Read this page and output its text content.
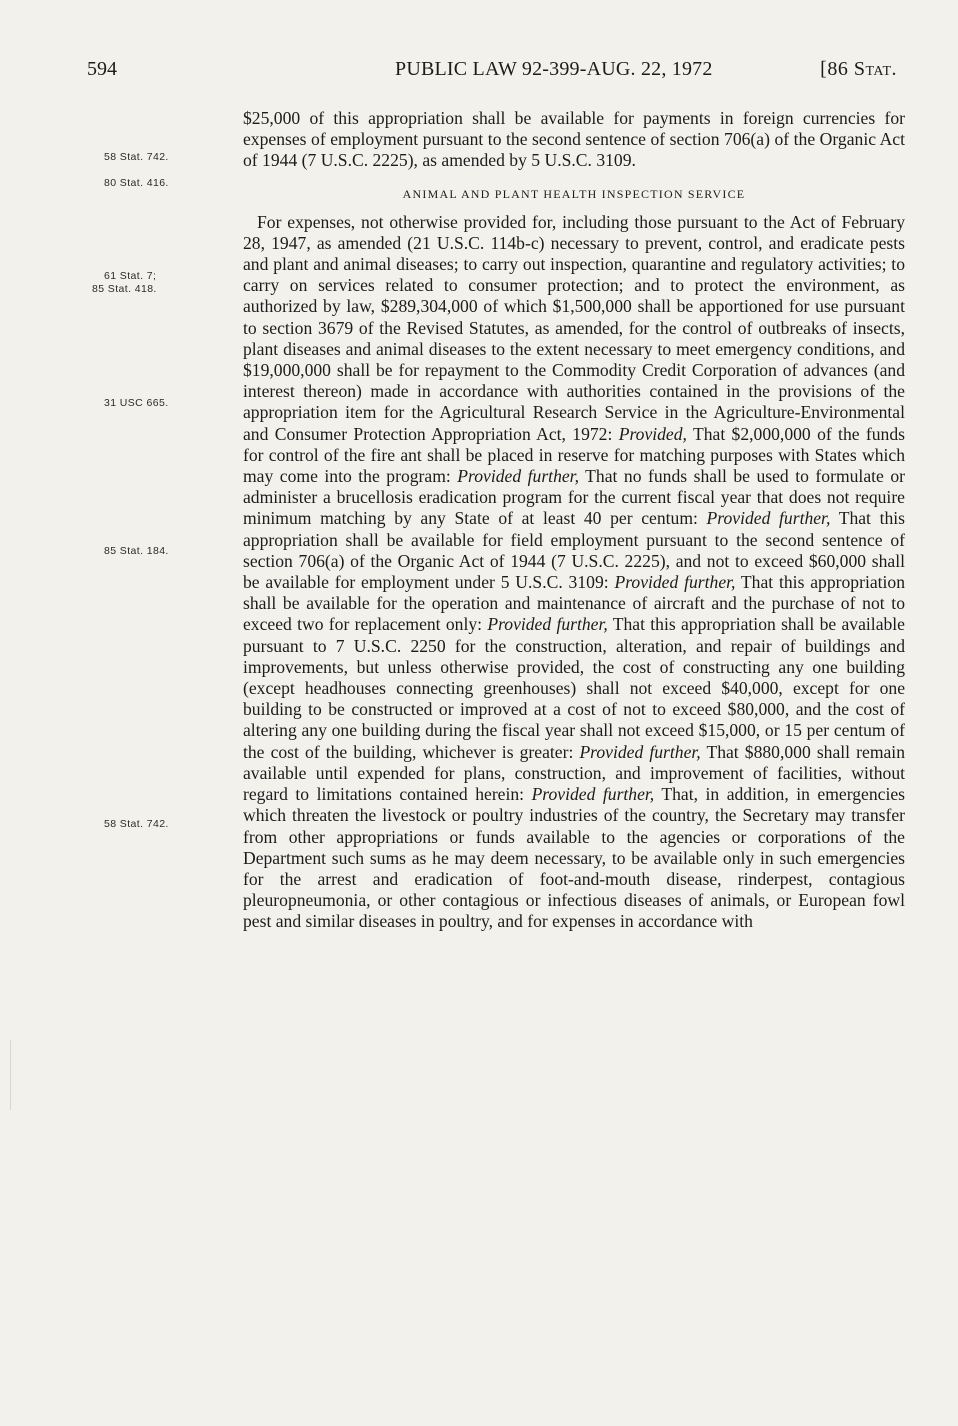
594	PUBLIC LAW 92-399-AUG. 22, 1972	[86 Stat.
58 Stat. 742.
80 Stat. 416.
61 Stat. 7;
85 Stat. 418.
31 USC 665.
85 Stat. 184.
58 Stat. 742.

$25,000 of this appropriation shall be available for payments in foreign currencies for expenses of employment pursuant to the second sentence of section 706(a) of the Organic Act of 1944 (7 U.S.C. 2225), as amended by 5 U.S.C. 3109.

ANIMAL AND PLANT HEALTH INSPECTION SERVICE

For expenses, not otherwise provided for, including those pursuant to the Act of February 28, 1947, as amended (21 U.S.C. 114b-c) necessary to prevent, control, and eradicate pests and plant and animal diseases; to carry out inspection, quarantine and regulatory activities; to carry on services related to consumer protection; and to protect the environment, as authorized by law, $289,304,000 of which $1,500,000 shall be apportioned for use pursuant to section 3679 of the Revised Statutes, as amended, for the control of outbreaks of insects, plant diseases and animal diseases to the extent necessary to meet emergency conditions, and $19,000,000 shall be for repayment to the Commodity Credit Corporation of advances (and interest thereon) made in accordance with authorities contained in the provisions of the appropriation item for the Agricultural Research Service in the Agriculture-Environmental and Consumer Protection Appropriation Act, 1972: Provided, That $2,000,000 of the funds for control of the fire ant shall be placed in reserve for matching purposes with States which may come into the program: Provided further, That no funds shall be used to formulate or administer a brucellosis eradication program for the current fiscal year that does not require minimum matching by any State of at least 40 per centum: Provided further, That this appropriation shall be available for field employment pursuant to the second sentence of section 706(a) of the Organic Act of 1944 (7 U.S.C. 2225), and not to exceed $60,000 shall be available for employment under 5 U.S.C. 3109: Provided further, That this appropriation shall be available for the operation and maintenance of aircraft and the purchase of not to exceed two for replacement only: Provided further, That this appropriation shall be available pursuant to 7 U.S.C. 2250 for the construction, alteration, and repair of buildings and improvements, but unless otherwise provided, the cost of constructing any one building (except headhouses connecting greenhouses) shall not exceed $40,000, except for one building to be constructed or improved at a cost of not to exceed $80,000, and the cost of altering any one building during the fiscal year shall not exceed $15,000, or 15 per centum of the cost of the building, whichever is greater: Provided further, That $880,000 shall remain available until expended for plans, construction, and improvement of facilities, without regard to limitations contained herein: Provided further, That, in addition, in emergencies which threaten the livestock or poultry industries of the country, the Secretary may transfer from other appropriations or funds available to the agencies or corporations of the Department such sums as he may deem necessary, to be available only in such emergencies for the arrest and eradication of foot-and-mouth disease, rinderpest, contagious pleuropneumonia, or other contagious or infectious diseases of animals, or European fowl pest and similar diseases in poultry, and for expenses in accordance with
